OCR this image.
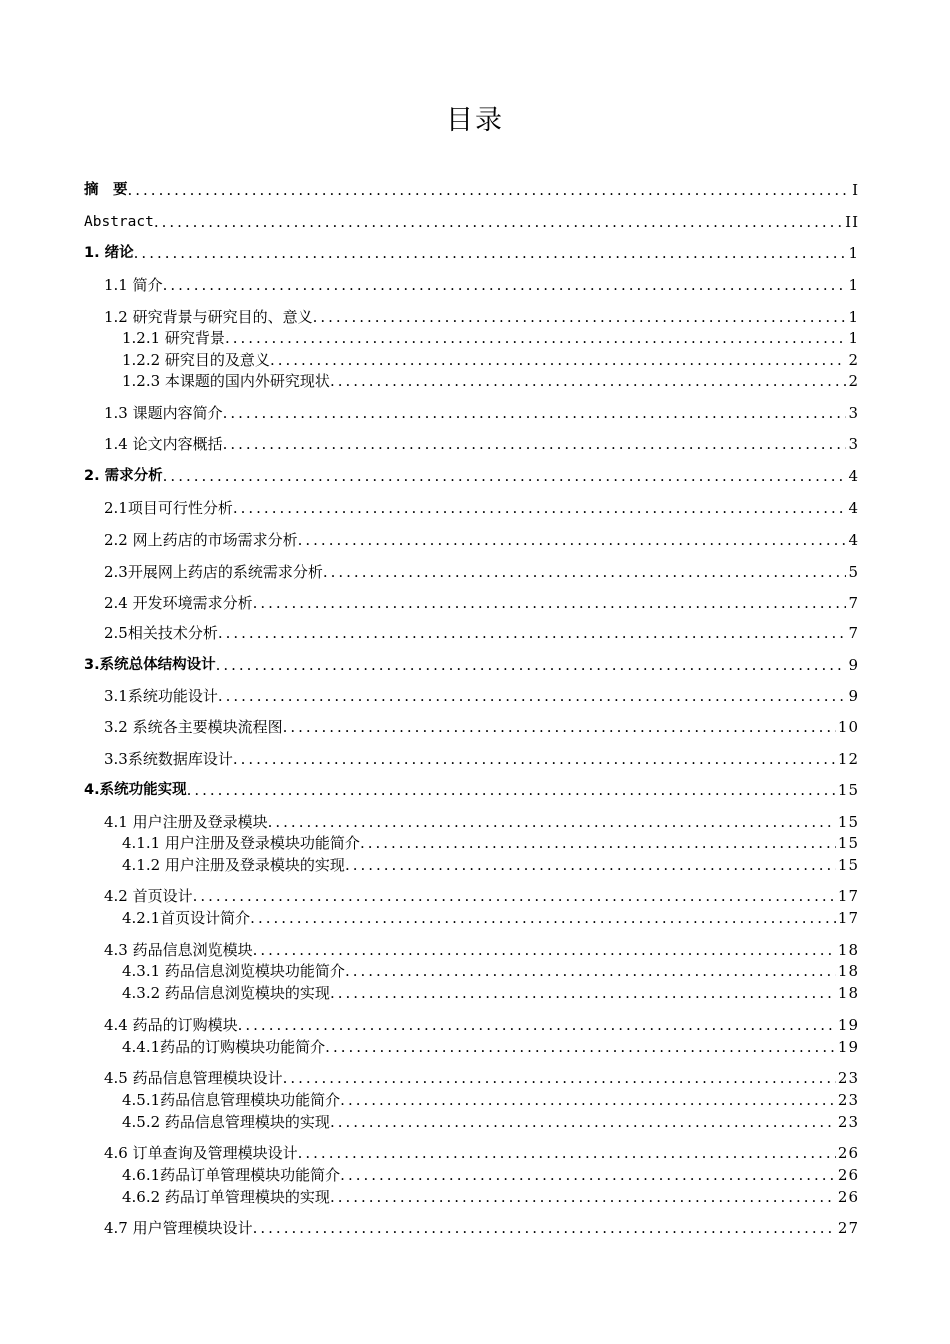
目录
摘　要 .....	I
Abstract .....	II
1. 绪论 .....	1
1.1 简介 .....	1
1.2 研究背景与研究目的、意义 .....	1
1.2.1 研究背景 .....	1
1.2.2 研究目的及意义 .....	2
1.2.3 本课题的国内外研究现状 .....	2
1.3 课题内容简介 .....	3
1.4 论文内容概括 .....	3
2. 需求分析 .....	4
2.1项目可行性分析 .....	4
2.2 网上药店的市场需求分析 .....	4
2.3开展网上药店的系统需求分析 .....	5
2.4 开发环境需求分析 .....	7
2.5相关技术分析 .....	7
3.系统总体结构设计 .....	9
3.1系统功能设计 .....	9
3.2 系统各主要模块流程图 .....	10
3.3系统数据库设计 .....	12
4.系统功能实现 .....	15
4.1 用户注册及登录模块 .....	15
4.1.1 用户注册及登录模块功能简介 .....	15
4.1.2 用户注册及登录模块的实现 .....	15
4.2 首页设计 .....	17
4.2.1首页设计简介 .....	17
4.3 药品信息浏览模块 .....	18
4.3.1 药品信息浏览模块功能简介 .....	18
4.3.2 药品信息浏览模块的实现 .....	18
4.4 药品的订购模块 .....	19
4.4.1药品的订购模块功能简介 .....	19
4.5 药品信息管理模块设计 .....	23
4.5.1药品信息管理模块功能简介 .....	23
4.5.2 药品信息管理模块的实现 .....	23
4.6 订单查询及管理模块设计 .....	26
4.6.1药品订单管理模块功能简介 .....	26
4.6.2 药品订单管理模块的实现 .....	26
4.7 用户管理模块设计 .....	27
